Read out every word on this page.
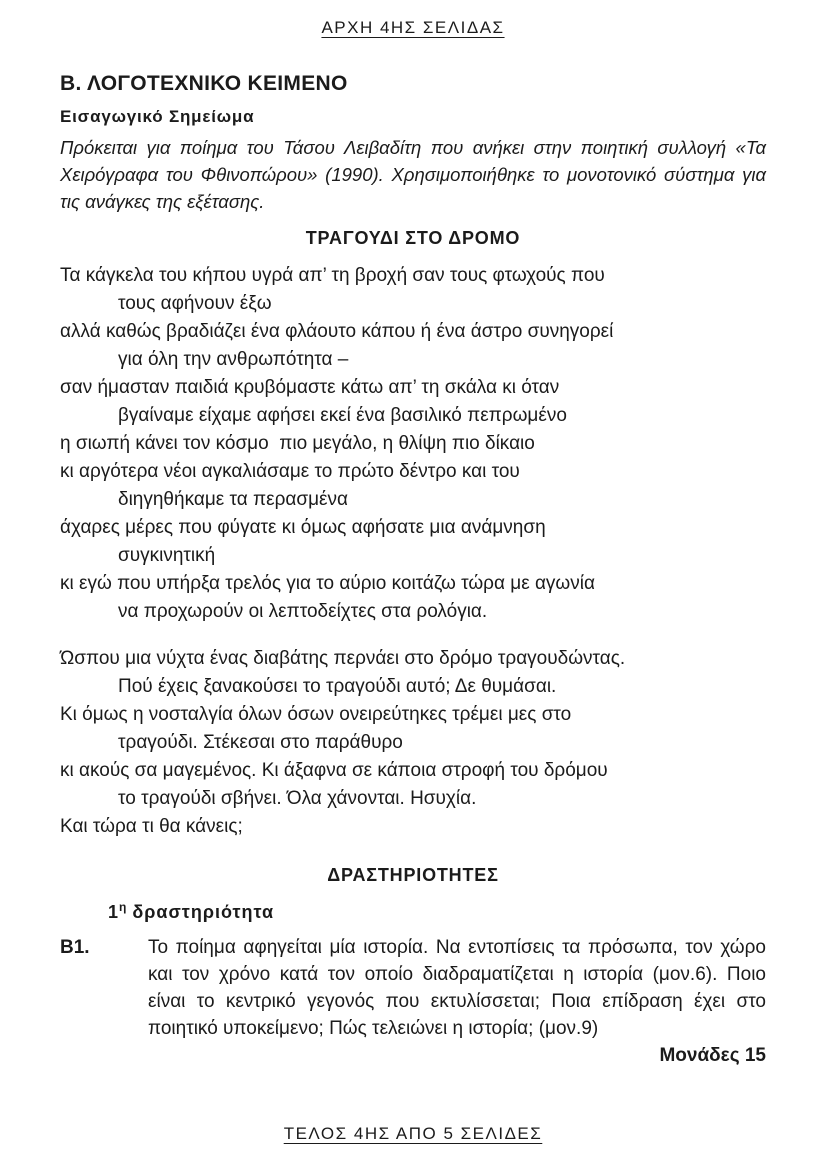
ΑΡΧΗ 4ΗΣ ΣΕΛΙΔΑΣ
Β. ΛΟΓΟΤΕΧΝΙΚΟ ΚΕΙΜΕΝΟ
Εισαγωγικό Σημείωμα
Πρόκειται για ποίημα του Τάσου Λειβαδίτη που ανήκει στην ποιητική συλλογή «Τα Χειρόγραφα του Φθινοπώρου» (1990). Χρησιμοποιήθηκε το μονοτονικό σύστημα για τις ανάγκες της εξέτασης.
ΤΡΑΓΟΥΔΙ ΣΤΟ ΔΡΟΜΟ
Τα κάγκελα του κήπου υγρά απ’ τη βροχή σαν τους φτωχούς που
τους αφήνουν έξω
αλλά καθώς βραδιάζει ένα φλάουτο κάπου ή ένα άστρο συνηγορεί
για όλη την ανθρωπότητα –
σαν ήμασταν παιδιά κρυβόμαστε κάτω απ’ τη σκάλα κι όταν
βγαίναμε είχαμε αφήσει εκεί ένα βασιλικό πεπρωμένο
η σιωπή κάνει τον κόσμο  πιο μεγάλο, η θλίψη πιο δίκαιο
κι αργότερα νέοι αγκαλιάσαμε το πρώτο δέντρο και του
διηγηθήκαμε τα περασμένα
άχαρες μέρες που φύγατε κι όμως αφήσατε μια ανάμνηση
συγκινητική
κι εγώ που υπήρξα τρελός για το αύριο κοιτάζω τώρα με αγωνία
να προχωρούν οι λεπτοδείχτες στα ρολόγια.
Ώσπου μια νύχτα ένας διαβάτης περνάει στο δρόμο τραγουδώντας.
Πού έχεις ξανακούσει το τραγούδι αυτό; Δε θυμάσαι.
Κι όμως η νοσταλγία όλων όσων ονειρεύτηκες τρέμει μες στο
τραγούδι. Στέκεσαι στο παράθυρο
κι ακούς σα μαγεμένος. Κι άξαφνα σε κάποια στροφή του δρόμου
το τραγούδι σβήνει. Όλα χάνονται. Ησυχία.
Και τώρα τι θα κάνεις;
ΔΡΑΣΤΗΡΙΟΤΗΤΕΣ
$1^\eta$ δραστηριότητα
Β1.	Το ποίημα αφηγείται μία ιστορία. Να εντοπίσεις τα πρόσωπα, τον χώρο και τον χρόνο κατά τον οποίο διαδραματίζεται η ιστορία (μον.6). Ποιο είναι το κεντρικό γεγονός που εκτυλίσσεται; Ποια επίδραση έχει στο ποιητικό υποκείμενο; Πώς τελειώνει η ιστορία; (μον.9)
Μονάδες 15
ΤΕΛΟΣ 4ΗΣ ΑΠΟ 5 ΣΕΛΙΔΕΣ
